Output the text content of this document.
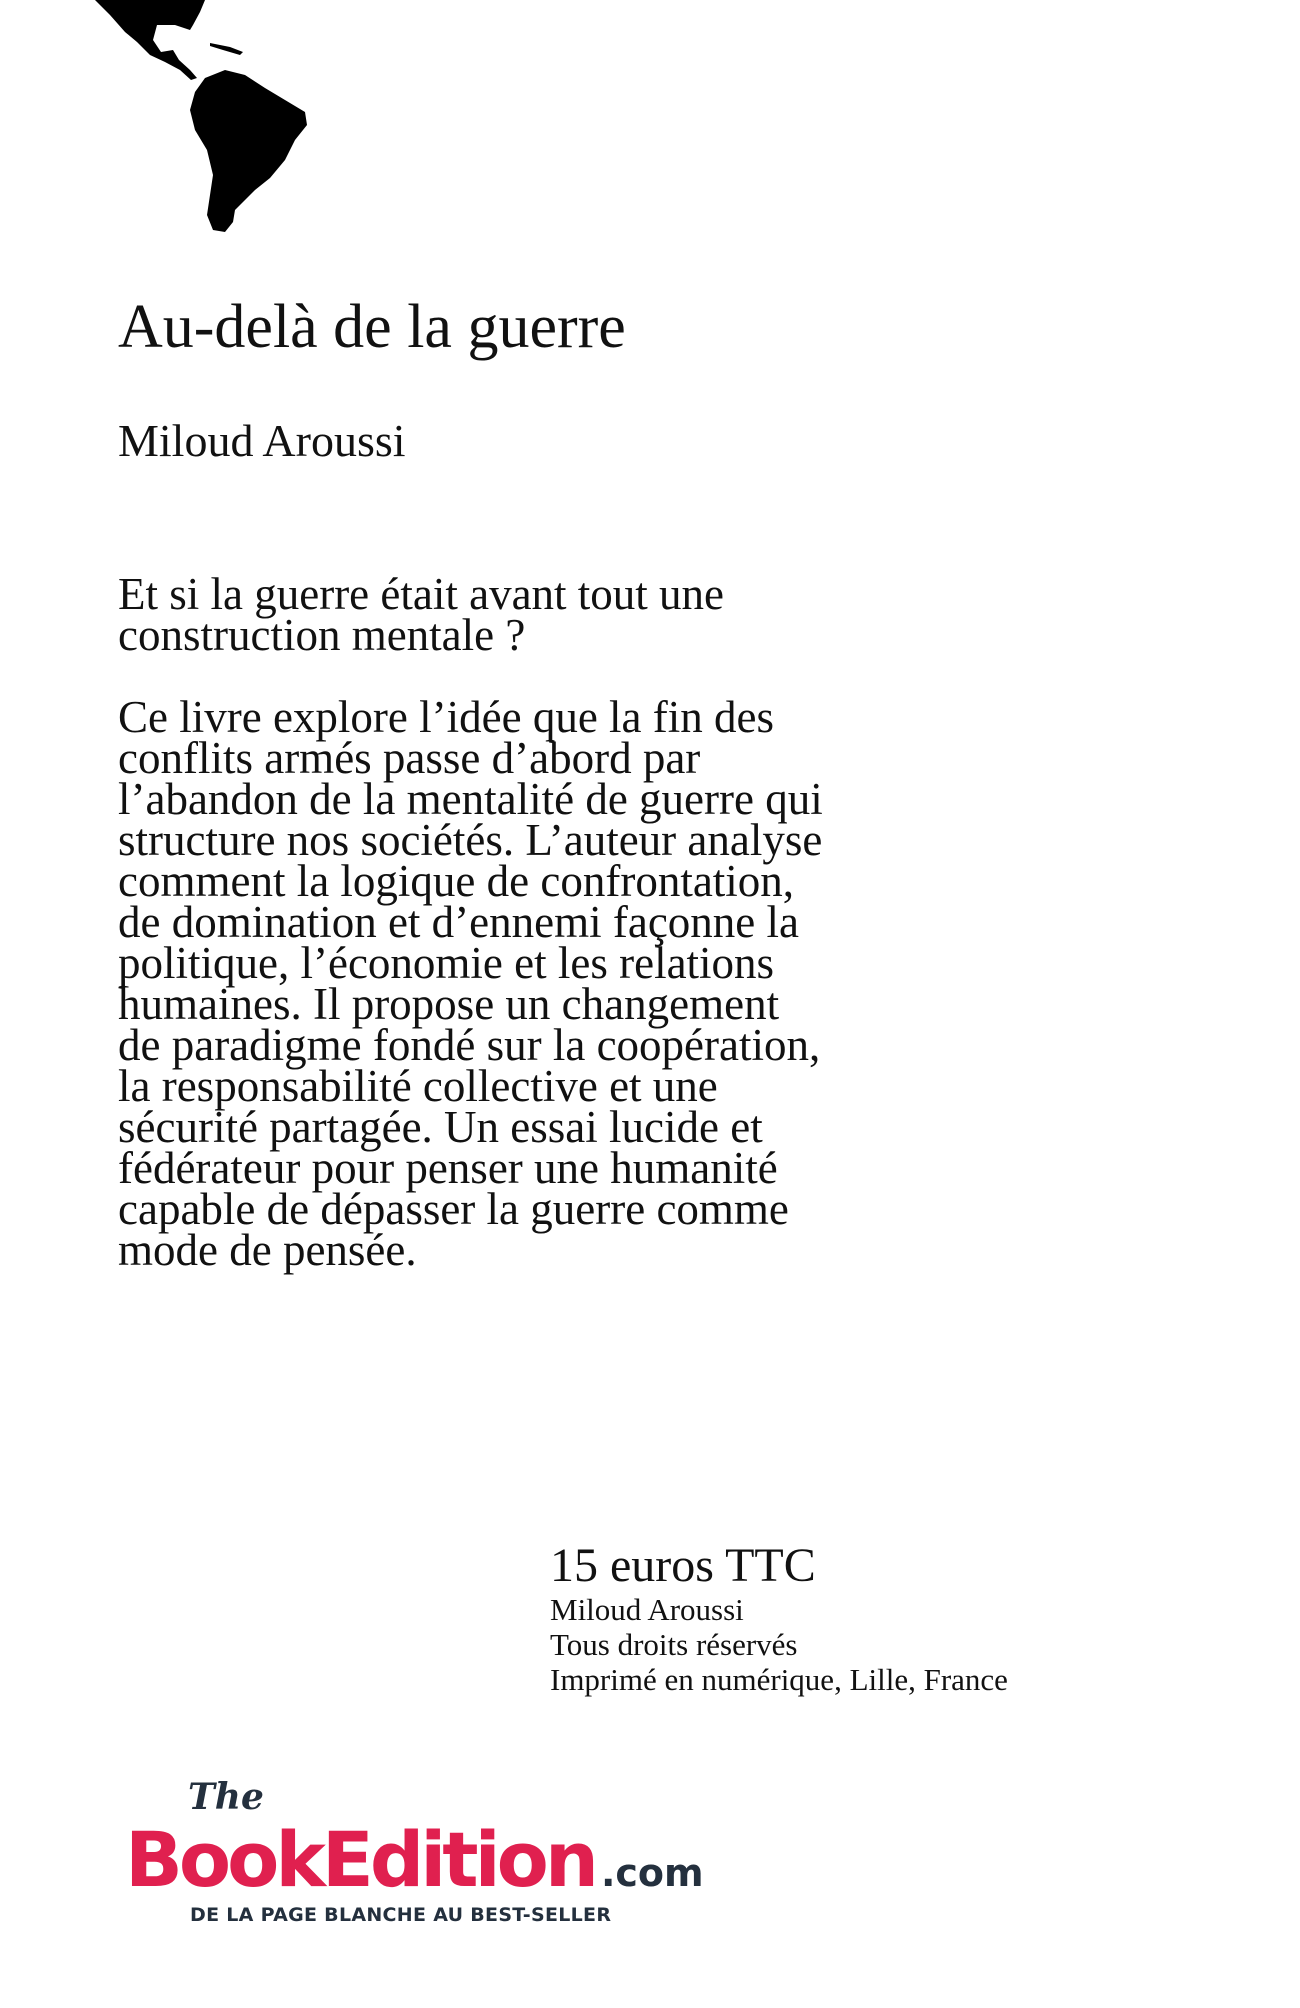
Au-delà de la guerre
Miloud Aroussi
Et si la guerre était avant tout une
construction mentale ?
Ce livre explore l’idée que la fin des
conflits armés passe d’abord par
l’abandon de la mentalité de guerre qui
structure nos sociétés. L’auteur analyse
comment la logique de confrontation,
de domination et d’ennemi façonne la
politique, l’économie et les relations
humaines. Il propose un changement
de paradigme fondé sur la coopération,
la responsabilité collective et une
sécurité partagée. Un essai lucide et
fédérateur pour penser une humanité
capable de dépasser la guerre comme
mode de pensée.
15 euros TTC
Miloud Aroussi
Tous droits réservés
Imprimé en numérique, Lille, France
The
BookEdition .com
DE LA PAGE BLANCHE AU BEST-SELLER
